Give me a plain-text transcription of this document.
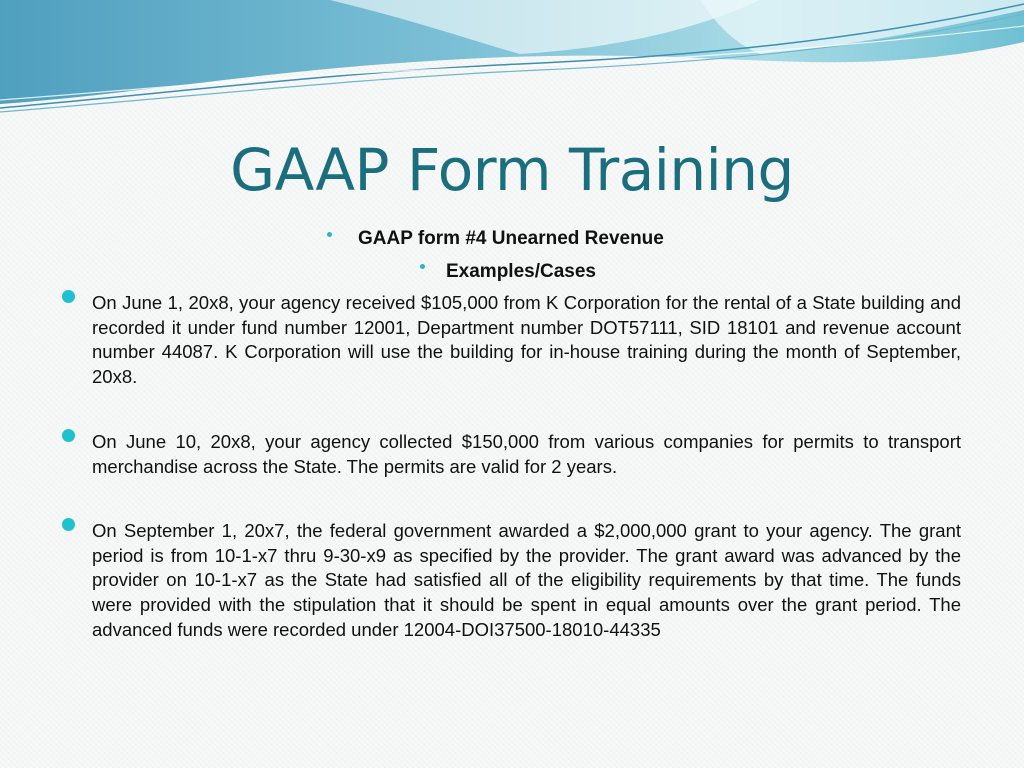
GAAP Form Training
GAAP form #4 Unearned Revenue
Examples/Cases
On June 1, 20x8, your agency received $105,000 from K Corporation for the rental of a State building and recorded it under fund number 12001, Department number DOT57111, SID 18101 and revenue account number 44087. K Corporation will use the building for in-house training during the month of September, 20x8.
On June 10, 20x8, your agency collected $150,000 from various companies for permits to transport merchandise across the State. The permits are valid for 2 years.
On September 1, 20x7, the federal government awarded a $2,000,000 grant to your agency. The grant period is from 10-1-x7 thru 9-30-x9 as specified by the provider. The grant award was advanced by the provider on 10-1-x7 as the State had satisfied all of the eligibility requirements by that time. The funds were provided with the stipulation that it should be spent in equal amounts over the grant period. The advanced funds were recorded under 12004-DOI37500-18010-44335
